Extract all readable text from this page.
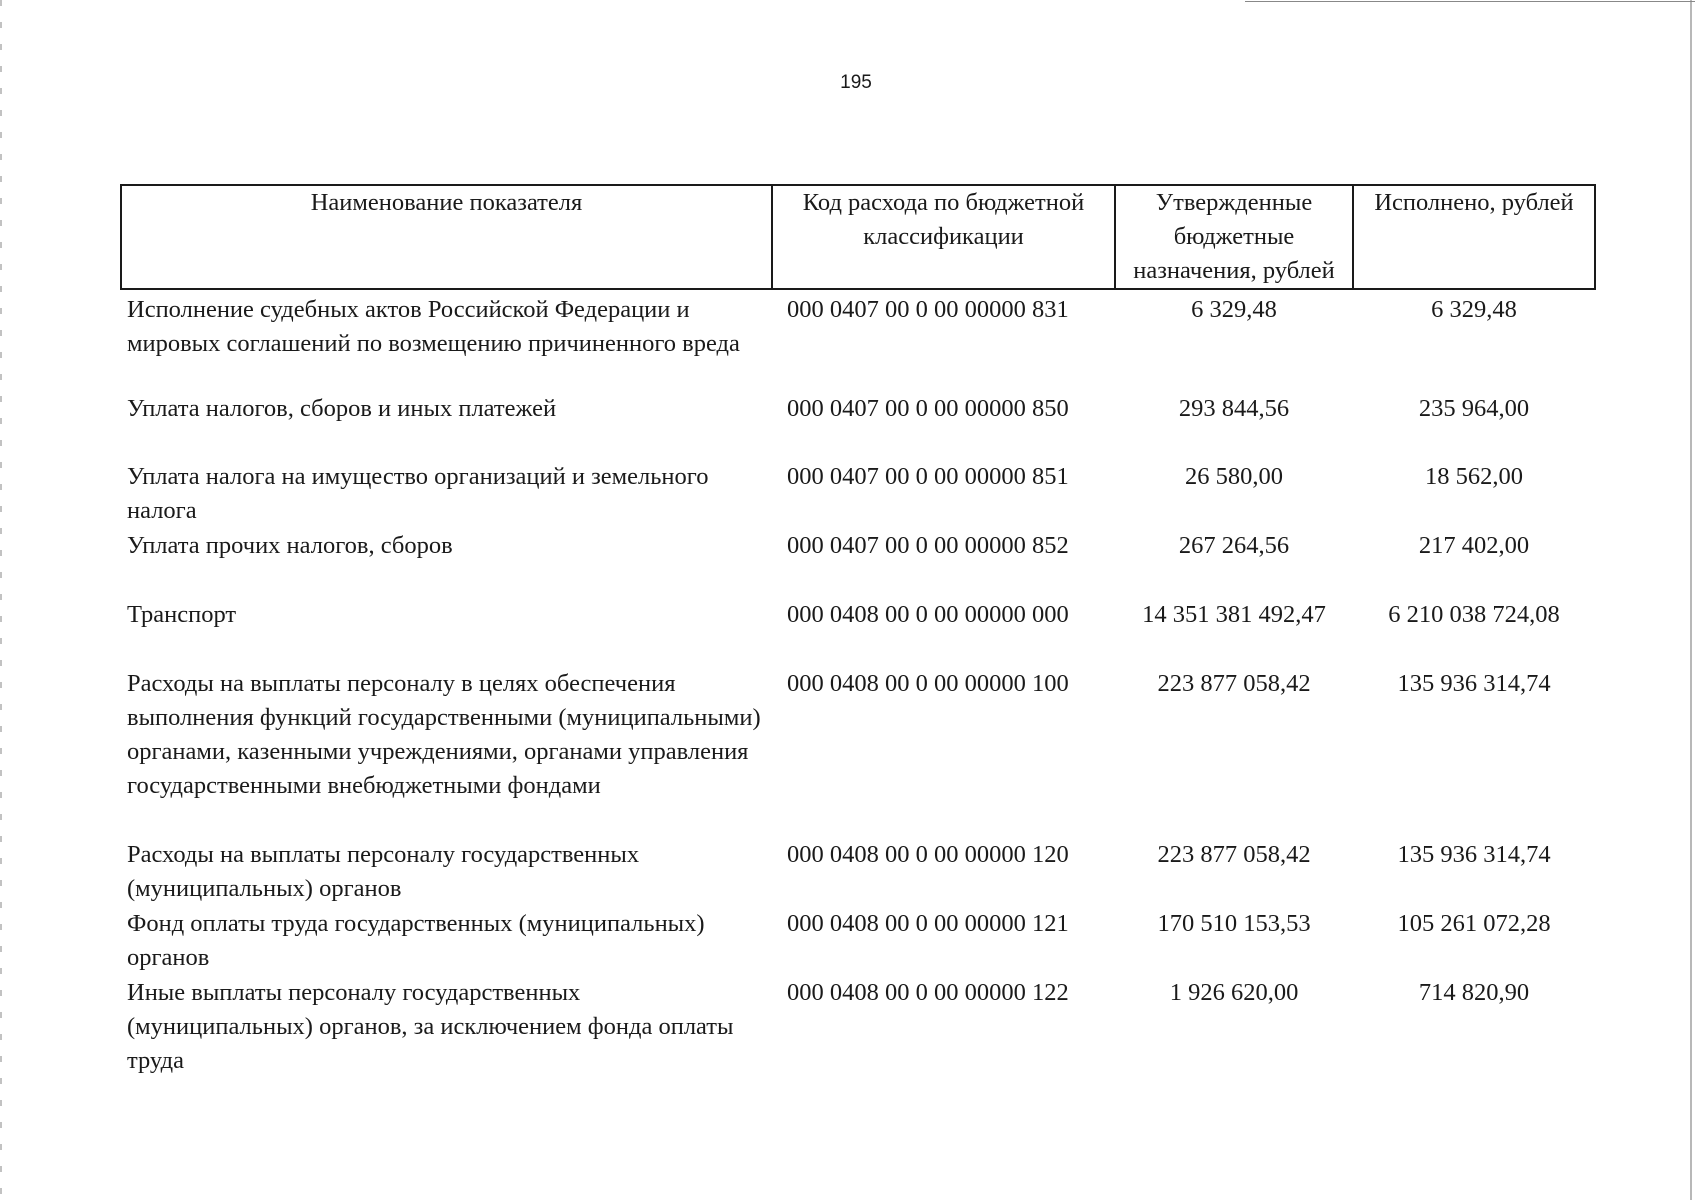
195
Наименование показателя	Код расхода по бюджетной классификации	Утвержденные бюджетные назначения, рублей	Исполнено, рублей
Исполнение судебных актов Российской Федерации и мировых соглашений по возмещению причиненного вреда	000 0407 00 0 00 00000 831	6 329,48	6 329,48
Уплата налогов, сборов и иных платежей	000 0407 00 0 00 00000 850	293 844,56	235 964,00
Уплата налога на имущество организаций и земельного налога	000 0407 00 0 00 00000 851	26 580,00	18 562,00
Уплата прочих налогов, сборов	000 0407 00 0 00 00000 852	267 264,56	217 402,00
Транспорт	000 0408 00 0 00 00000 000	14 351 381 492,47	6 210 038 724,08
Расходы на выплаты персоналу в целях обеспечения выполнения функций государственными (муниципальными) органами, казенными учреждениями, органами управления государственными внебюджетными фондами	000 0408 00 0 00 00000 100	223 877 058,42	135 936 314,74
Расходы на выплаты персоналу государственных (муниципальных) органов	000 0408 00 0 00 00000 120	223 877 058,42	135 936 314,74
Фонд оплаты труда государственных (муниципальных) органов	000 0408 00 0 00 00000 121	170 510 153,53	105 261 072,28
Иные выплаты персоналу государственных (муниципальных) органов, за исключением фонда оплаты труда	000 0408 00 0 00 00000 122	1 926 620,00	714 820,90
